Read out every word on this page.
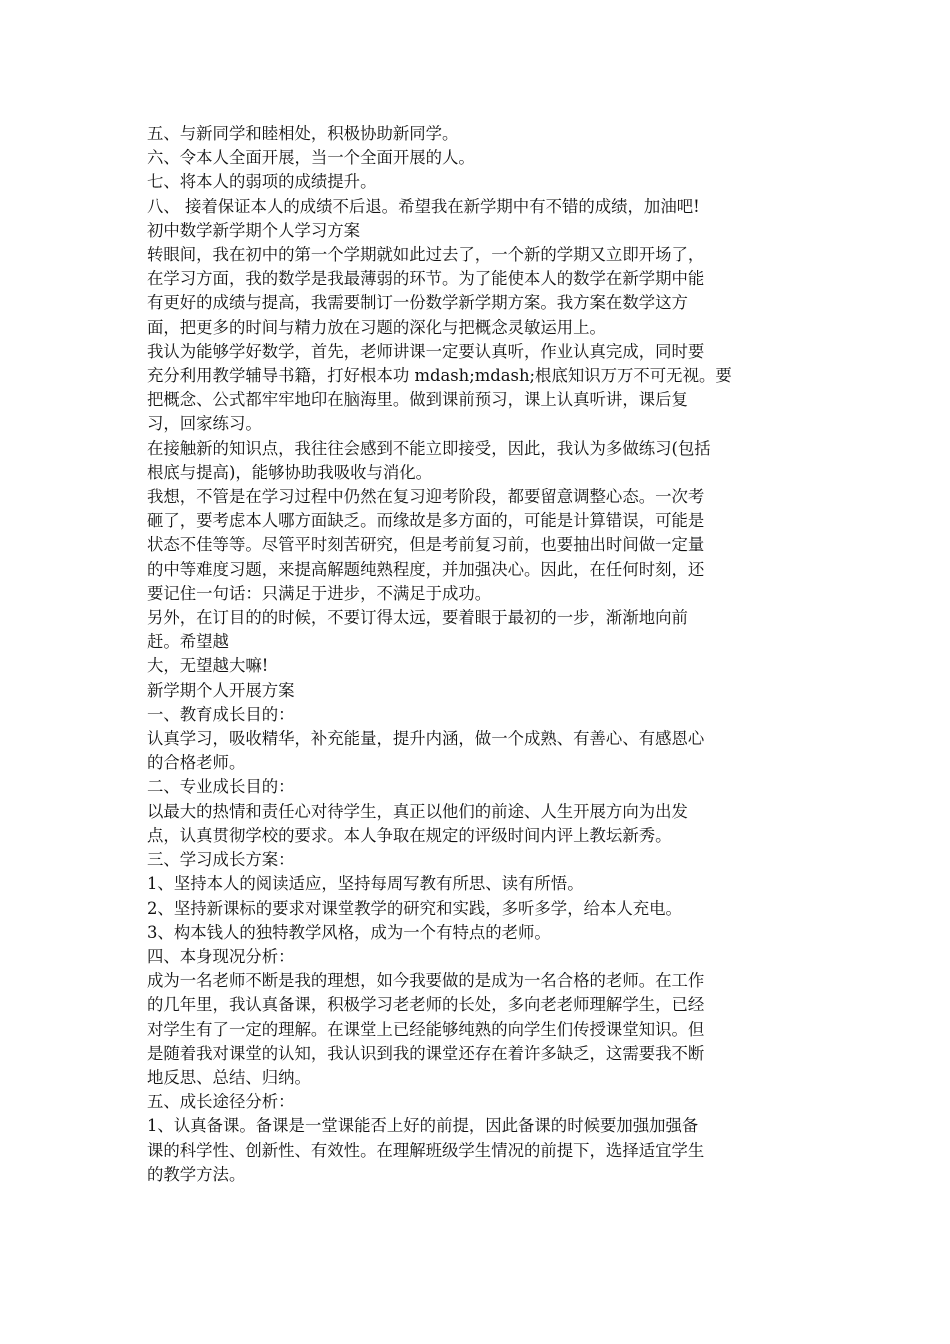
五、与新同学和睦相处，积极协助新同学。
六、令本人全面开展，当一个全面开展的人。
七、将本人的弱项的成绩提升。
八、 接着保证本人的成绩不后退。希望我在新学期中有不错的成绩，加油吧!
初中数学新学期个人学习方案
转眼间，我在初中的第一个学期就如此过去了，一个新的学期又立即开场了，
在学习方面，我的数学是我最薄弱的环节。为了能使本人的数学在新学期中能
有更好的成绩与提高，我需要制订一份数学新学期方案。我方案在数学这方
面，把更多的时间与精力放在习题的深化与把概念灵敏运用上。
我认为能够学好数学，首先，老师讲课一定要认真听，作业认真完成，同时要
充分利用教学辅导书籍，打好根本功 mdash;mdash;根底知识万万不可无视。要
把概念、公式都牢牢地印在脑海里。做到课前预习，课上认真听讲，课后复
习，回家练习。
在接触新的知识点，我往往会感到不能立即接受，因此，我认为多做练习(包括
根底与提高)，能够协助我吸收与消化。
我想，不管是在学习过程中仍然在复习迎考阶段，都要留意调整心态。一次考
砸了，要考虑本人哪方面缺乏。而缘故是多方面的，可能是计算错误，可能是
状态不佳等等。尽管平时刻苦研究，但是考前复习前，也要抽出时间做一定量
的中等难度习题，来提高解题纯熟程度，并加强决心。因此，在任何时刻，还
要记住一句话：只满足于进步，不满足于成功。
另外，在订目的的时候，不要订得太远，要着眼于最初的一步，渐渐地向前
赶。希望越
大，无望越大嘛!
新学期个人开展方案
一、教育成长目的：
认真学习，吸收精华，补充能量，提升内涵，做一个成熟、有善心、有感恩心
的合格老师。
二、专业成长目的：
以最大的热情和责任心对待学生，真正以他们的前途、人生开展方向为出发
点，认真贯彻学校的要求。本人争取在规定的评级时间内评上教坛新秀。
三、学习成长方案：
1、坚持本人的阅读适应，坚持每周写教有所思、读有所悟。
2、坚持新课标的要求对课堂教学的研究和实践，多听多学，给本人充电。
3、构本钱人的独特教学风格，成为一个有特点的老师。
四、本身现况分析：
成为一名老师不断是我的理想，如今我要做的是成为一名合格的老师。在工作
的几年里，我认真备课，积极学习老老师的长处，多向老老师理解学生，已经
对学生有了一定的理解。在课堂上已经能够纯熟的向学生们传授课堂知识。但
是随着我对课堂的认知，我认识到我的课堂还存在着许多缺乏，这需要我不断
地反思、总结、归纳。
五、成长途径分析：
1、认真备课。备课是一堂课能否上好的前提，因此备课的时候要加强加强备
课的科学性、创新性、有效性。在理解班级学生情况的前提下，选择适宜学生
的教学方法。
